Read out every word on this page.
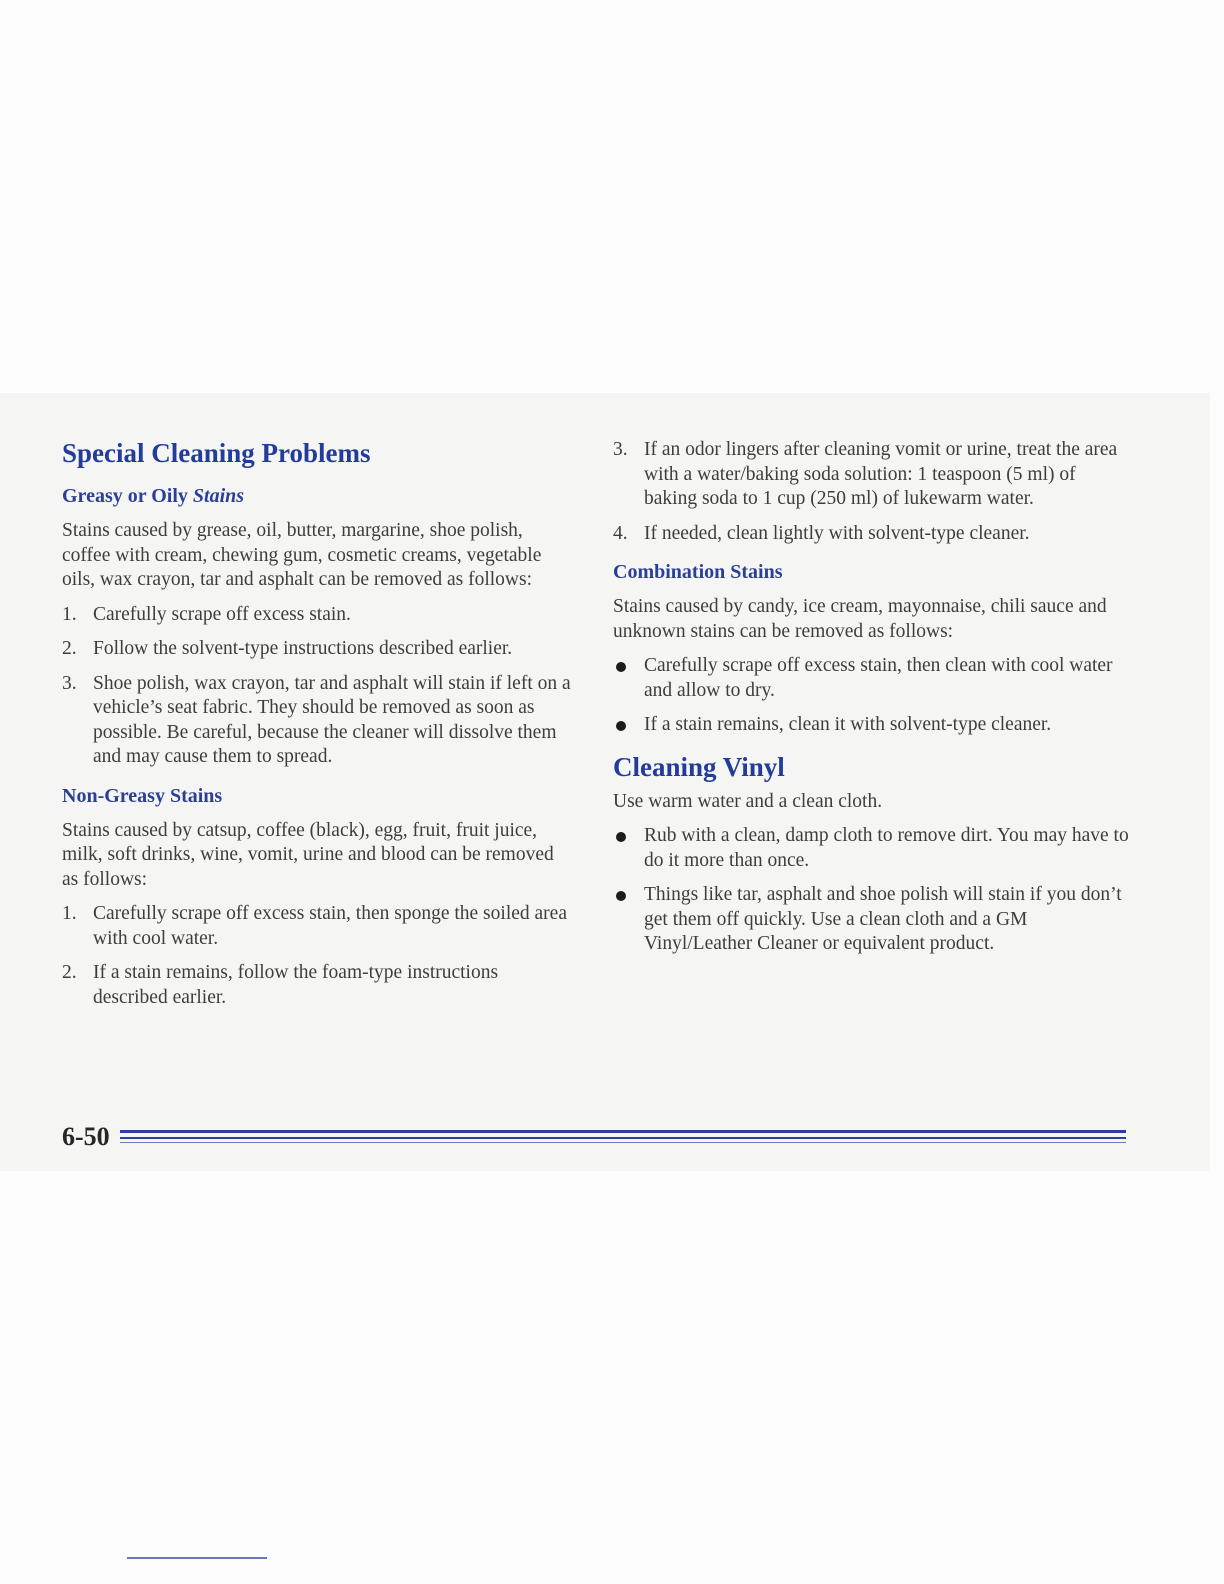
Special Cleaning Problems
Greasy or Oily Stains

Stains caused by grease, oil, butter, margarine, shoe polish, coffee with cream, chewing gum, cosmetic creams, vegetable oils, wax crayon, tar and asphalt can be removed as follows:

1. Carefully scrape off excess stain.
2. Follow the solvent-type instructions described earlier.
3. Shoe polish, wax crayon, tar and asphalt will stain if left on a vehicle’s seat fabric. They should be removed as soon as possible. Be careful, because the cleaner will dissolve them and may cause them to spread.
Non-Greasy Stains

Stains caused by catsup, coffee (black), egg, fruit, fruit juice, milk, soft drinks, wine, vomit, urine and blood can be removed as follows:

1. Carefully scrape off excess stain, then sponge the soiled area with cool water.
2. If a stain remains, follow the foam-type instructions described earlier.
3. If an odor lingers after cleaning vomit or urine, treat the area with a water/baking soda solution: 1 teaspoon (5 ml) of baking soda to 1 cup (250 ml) of lukewarm water.
4. If needed, clean lightly with solvent-type cleaner.
Combination Stains

Stains caused by candy, ice cream, mayonnaise, chili sauce and unknown stains can be removed as follows:

Carefully scrape off excess stain, then clean with cool water and allow to dry.
If a stain remains, clean it with solvent-type cleaner.
Cleaning Vinyl

Use warm water and a clean cloth.

Rub with a clean, damp cloth to remove dirt. You may have to do it more than once.
Things like tar, asphalt and shoe polish will stain if you don’t get them off quickly. Use a clean cloth and a GM Vinyl/Leather Cleaner or equivalent product.
6-50
